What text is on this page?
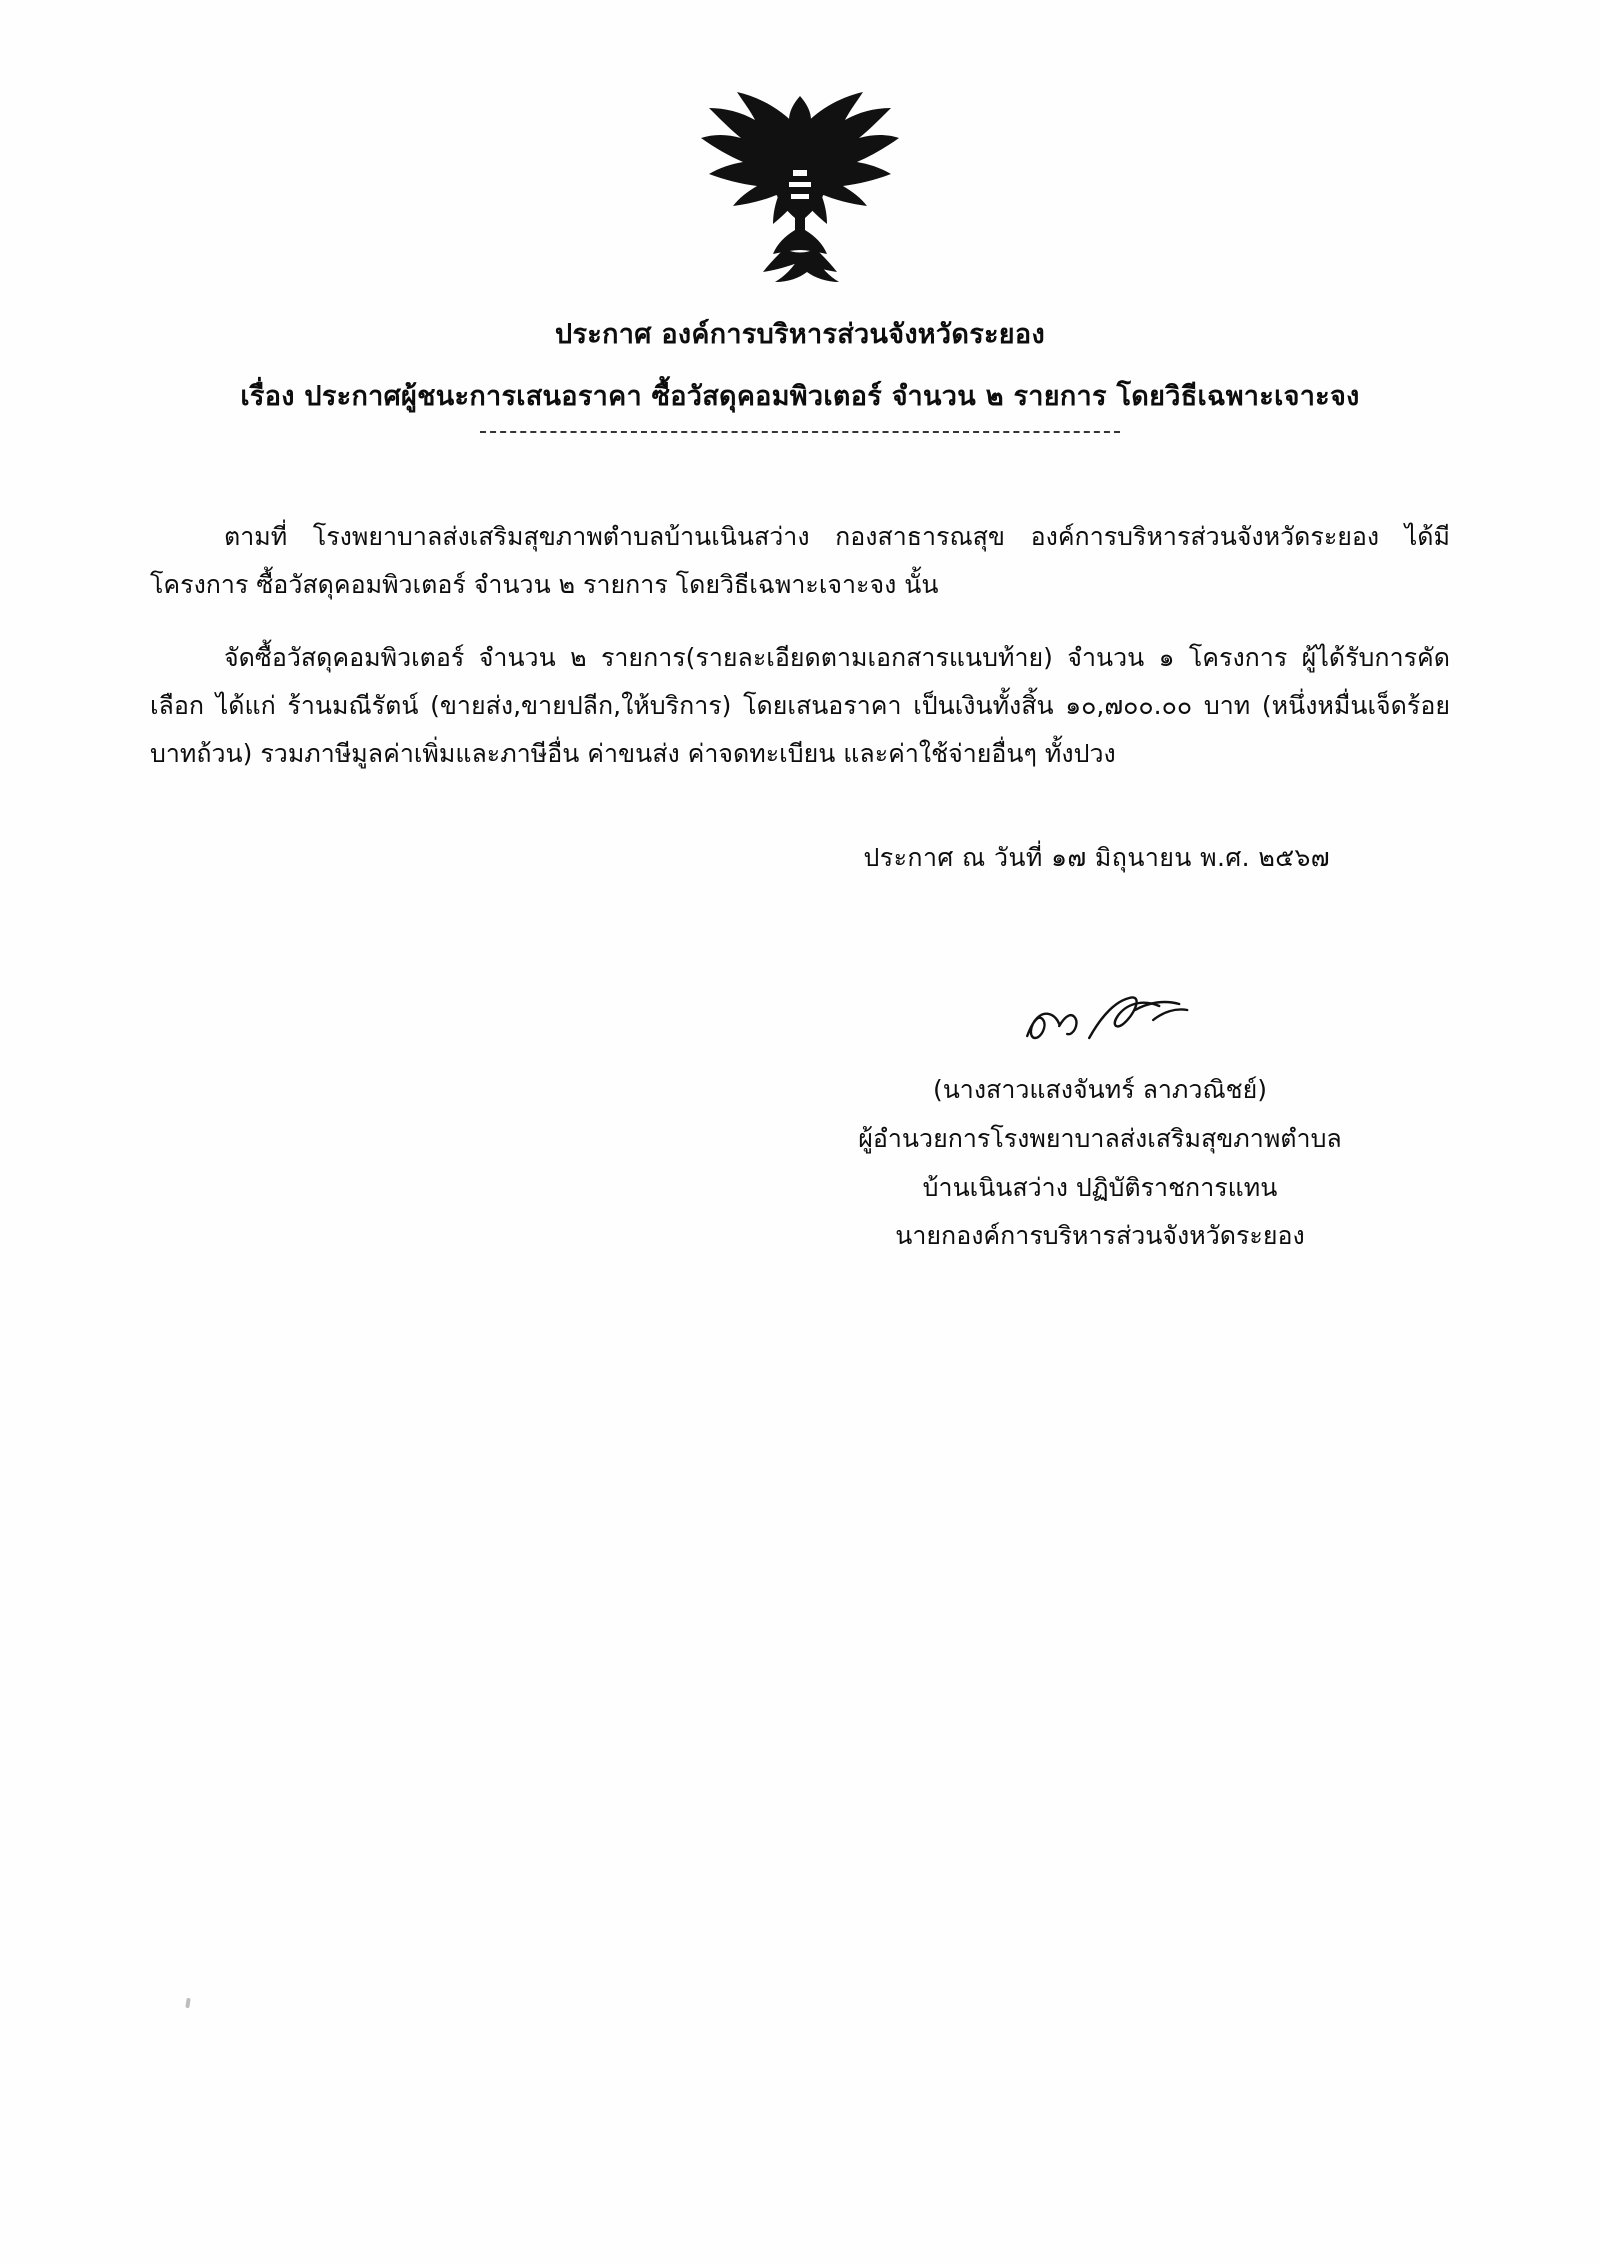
ประกาศ องค์การบริหารส่วนจังหวัดระยอง
เรื่อง ประกาศผู้ชนะการเสนอราคา ซื้อวัสดุคอมพิวเตอร์ จำนวน ๒ รายการ โดยวิธีเฉพาะเจาะจง

ตามที่ โรงพยาบาลส่งเสริมสุขภาพตำบลบ้านเนินสว่าง กองสาธารณสุข องค์การบริหารส่วนจังหวัดระยอง ได้มีโครงการ ซื้อวัสดุคอมพิวเตอร์ จำนวน ๒ รายการ โดยวิธีเฉพาะเจาะจง นั้น

จัดซื้อวัสดุคอมพิวเตอร์ จำนวน ๒ รายการ(รายละเอียดตามเอกสารแนบท้าย) จำนวน ๑ โครงการ ผู้ได้รับการคัดเลือก ได้แก่ ร้านมณีรัตน์ (ขายส่ง,ขายปลีก,ให้บริการ) โดยเสนอราคา เป็นเงินทั้งสิ้น ๑๐,๗๐๐.๐๐ บาท (หนึ่งหมื่นเจ็ดร้อยบาทถ้วน) รวมภาษีมูลค่าเพิ่มและภาษีอื่น ค่าขนส่ง ค่าจดทะเบียน และค่าใช้จ่ายอื่นๆ ทั้งปวง

ประกาศ ณ วันที่ ๑๗ มิถุนายน พ.ศ. ๒๕๖๗
(นางสาวแสงจันทร์ ลาภวณิชย์)
ผู้อำนวยการโรงพยาบาลส่งเสริมสุขภาพตำบล
บ้านเนินสว่าง ปฏิบัติราชการแทน
นายกองค์การบริหารส่วนจังหวัดระยอง
